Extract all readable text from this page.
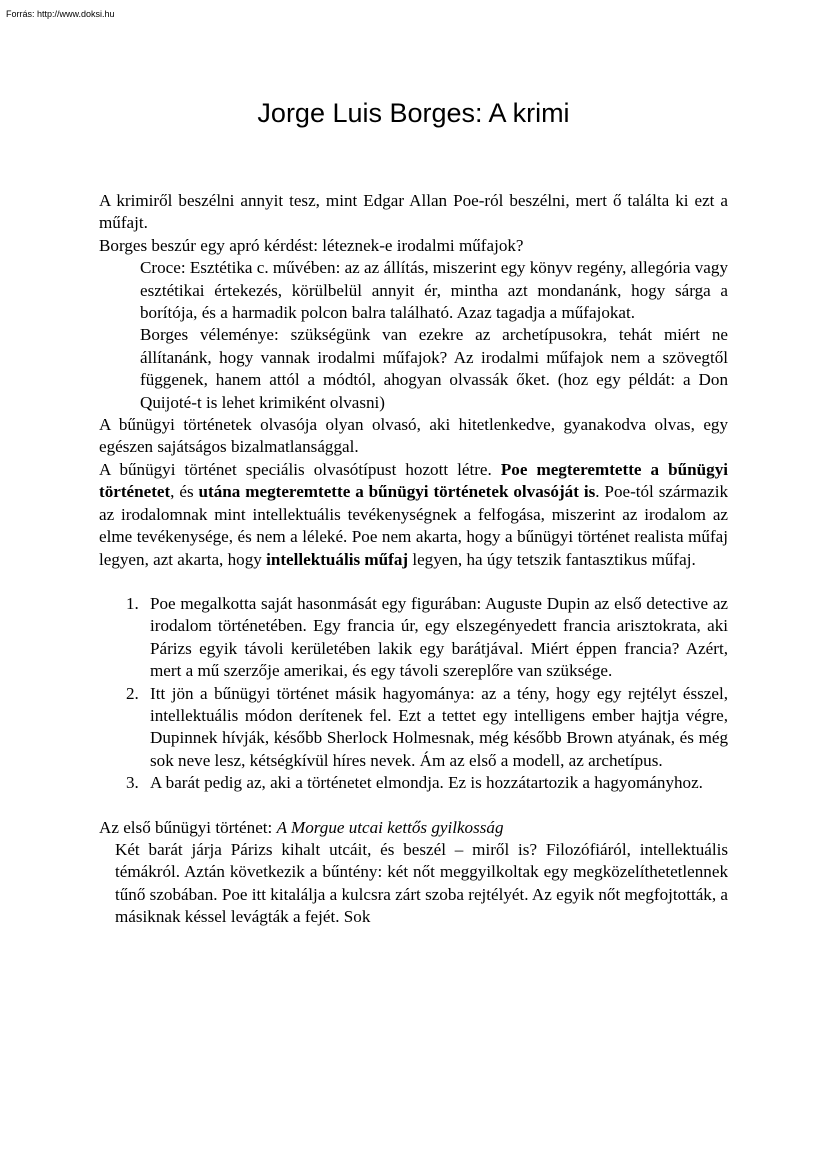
Forrás: http://www.doksi.hu
Jorge Luis Borges: A krimi

A krimiről beszélni annyit tesz, mint Edgar Allan Poe-ról beszélni, mert ő találta ki ezt a műfajt.

Borges beszúr egy apró kérdést: léteznek-e irodalmi műfajok?

Croce: Esztétika c. művében: az az állítás, miszerint egy könyv regény, allegória vagy esztétikai értekezés, körülbelül annyit ér, mintha azt mondanánk, hogy sárga a borítója, és a harmadik polcon balra található. Azaz tagadja a műfajokat.

Borges véleménye: szükségünk van ezekre az archetípusokra, tehát miért ne állítanánk, hogy vannak irodalmi műfajok? Az irodalmi műfajok nem a szövegtől függenek, hanem attól a módtól, ahogyan olvassák őket. (hoz egy példát: a Don Quijoté-t is lehet krimiként olvasni)

A bűnügyi történetek olvasója olyan olvasó, aki hitetlenkedve, gyanakodva olvas, egy egészen sajátságos bizalmatlansággal.

A bűnügyi történet speciális olvasótípust hozott létre. Poe megteremtette a bűnügyi történetet, és utána megteremtette a bűnügyi történetek olvasóját is. Poe-tól származik az irodalomnak mint intellektuális tevékenységnek a felfogása, miszerint az irodalom az elme tevékenysége, és nem a léleké. Poe nem akarta, hogy a bűnügyi történet realista műfaj legyen, azt akarta, hogy intellektuális műfaj legyen, ha úgy tetszik fantasztikus műfaj.

1. Poe megalkotta saját hasonmását egy figurában: Auguste Dupin az első detective az irodalom történetében. Egy francia úr, egy elszegényedett francia arisztokrata, aki Párizs egyik távoli kerületében lakik egy barátjával. Miért éppen francia? Azért, mert a mű szerzője amerikai, és egy távoli szereplőre van szüksége.
2. Itt jön a bűnügyi történet másik hagyománya: az a tény, hogy egy rejtélyt ésszel, intellektuális módon derítenek fel. Ezt a tettet egy intelligens ember hajtja végre, Dupinnek hívják, később Sherlock Holmesnak, még később Brown atyának, és még sok neve lesz, kétségkívül híres nevek. Ám az első a modell, az archetípus.
3. A barát pedig az, aki a történetet elmondja. Ez is hozzátartozik a hagyományhoz.

Az első bűnügyi történet: A Morgue utcai kettős gyilkosság

Két barát járja Párizs kihalt utcáit, és beszél – miről is? Filozófiáról, intellektuális témákról. Aztán következik a bűntény: két nőt meggyilkoltak egy megközelíthetetlennek tűnő szobában. Poe itt kitalálja a kulcsra zárt szoba rejtélyét. Az egyik nőt megfojtották, a másiknak késsel levágták a fejét. Sok
